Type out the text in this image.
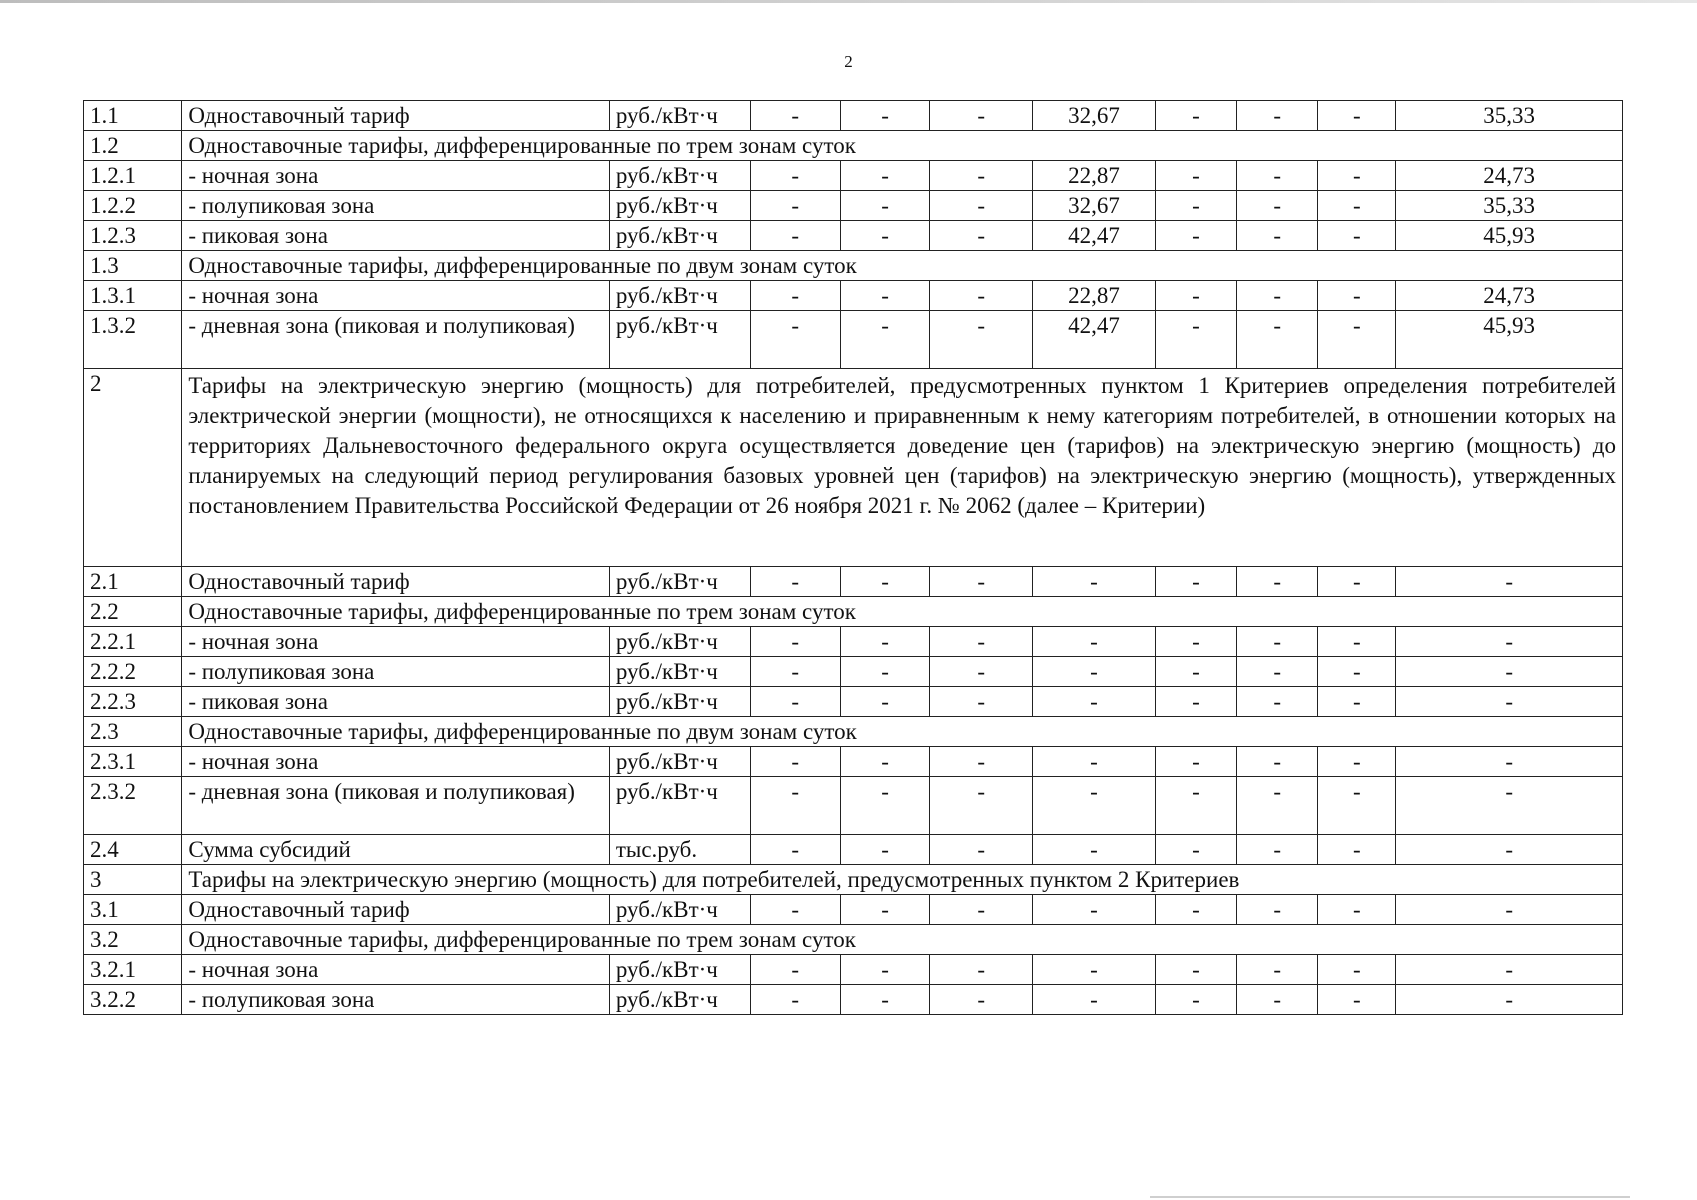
2
1.1	Одноставочный тариф	руб./кВт·ч	-	-	-	32,67	-	-	-	35,33
1.2	Одноставочные тарифы, дифференцированные по трем зонам суток									
1.2.1	- ночная зона	руб./кВт·ч	-	-	-	22,87	-	-	-	24,73
1.2.2	- полупиковая зона	руб./кВт·ч	-	-	-	32,67	-	-	-	35,33
1.2.3	- пиковая зона	руб./кВт·ч	-	-	-	42,47	-	-	-	45,93
1.3	Одноставочные тарифы, дифференцированные по двум зонам суток									
1.3.1	- ночная зона	руб./кВт·ч	-	-	-	22,87	-	-	-	24,73
1.3.2	- дневная зона (пиковая и полупиковая)	руб./кВт·ч	-	-	-	42,47	-	-	-	45,93
2	Тарифы на электрическую энергию (мощность) для потребителей, предусмотренных пунктом 1 Критериев определения потребителей электрической энергии (мощности), не относящихся к населению и приравненным к нему категориям потребителей, в отношении которых на территориях Дальневосточного федерального округа осуществляется доведение цен (тарифов) на электрическую энергию (мощность) до планируемых на следующий период регулирования базовых уровней цен (тарифов) на электрическую энергию (мощность), утвержденных постановлением Правительства Российской Федерации от 26 ноября 2021 г. № 2062 (далее – Критерии)									
2.1	Одноставочный тариф	руб./кВт·ч	-	-	-	-	-	-	-	-
2.2	Одноставочные тарифы, дифференцированные по трем зонам суток									
2.2.1	- ночная зона	руб./кВт·ч	-	-	-	-	-	-	-	-
2.2.2	- полупиковая зона	руб./кВт·ч	-	-	-	-	-	-	-	-
2.2.3	- пиковая зона	руб./кВт·ч	-	-	-	-	-	-	-	-
2.3	Одноставочные тарифы, дифференцированные по двум зонам суток									
2.3.1	- ночная зона	руб./кВт·ч	-	-	-	-	-	-	-	-
2.3.2	- дневная зона (пиковая и полупиковая)	руб./кВт·ч	-	-	-	-	-	-	-	-
2.4	Сумма субсидий	тыс.руб.	-	-	-	-	-	-	-	-
3	Тарифы на электрическую энергию (мощность) для потребителей, предусмотренных пунктом 2 Критериев									
3.1	Одноставочный тариф	руб./кВт·ч	-	-	-	-	-	-	-	-
3.2	Одноставочные тарифы, дифференцированные по трем зонам суток									
3.2.1	- ночная зона	руб./кВт·ч	-	-	-	-	-	-	-	-
3.2.2	- полупиковая зона	руб./кВт·ч	-	-	-	-	-	-	-	-
